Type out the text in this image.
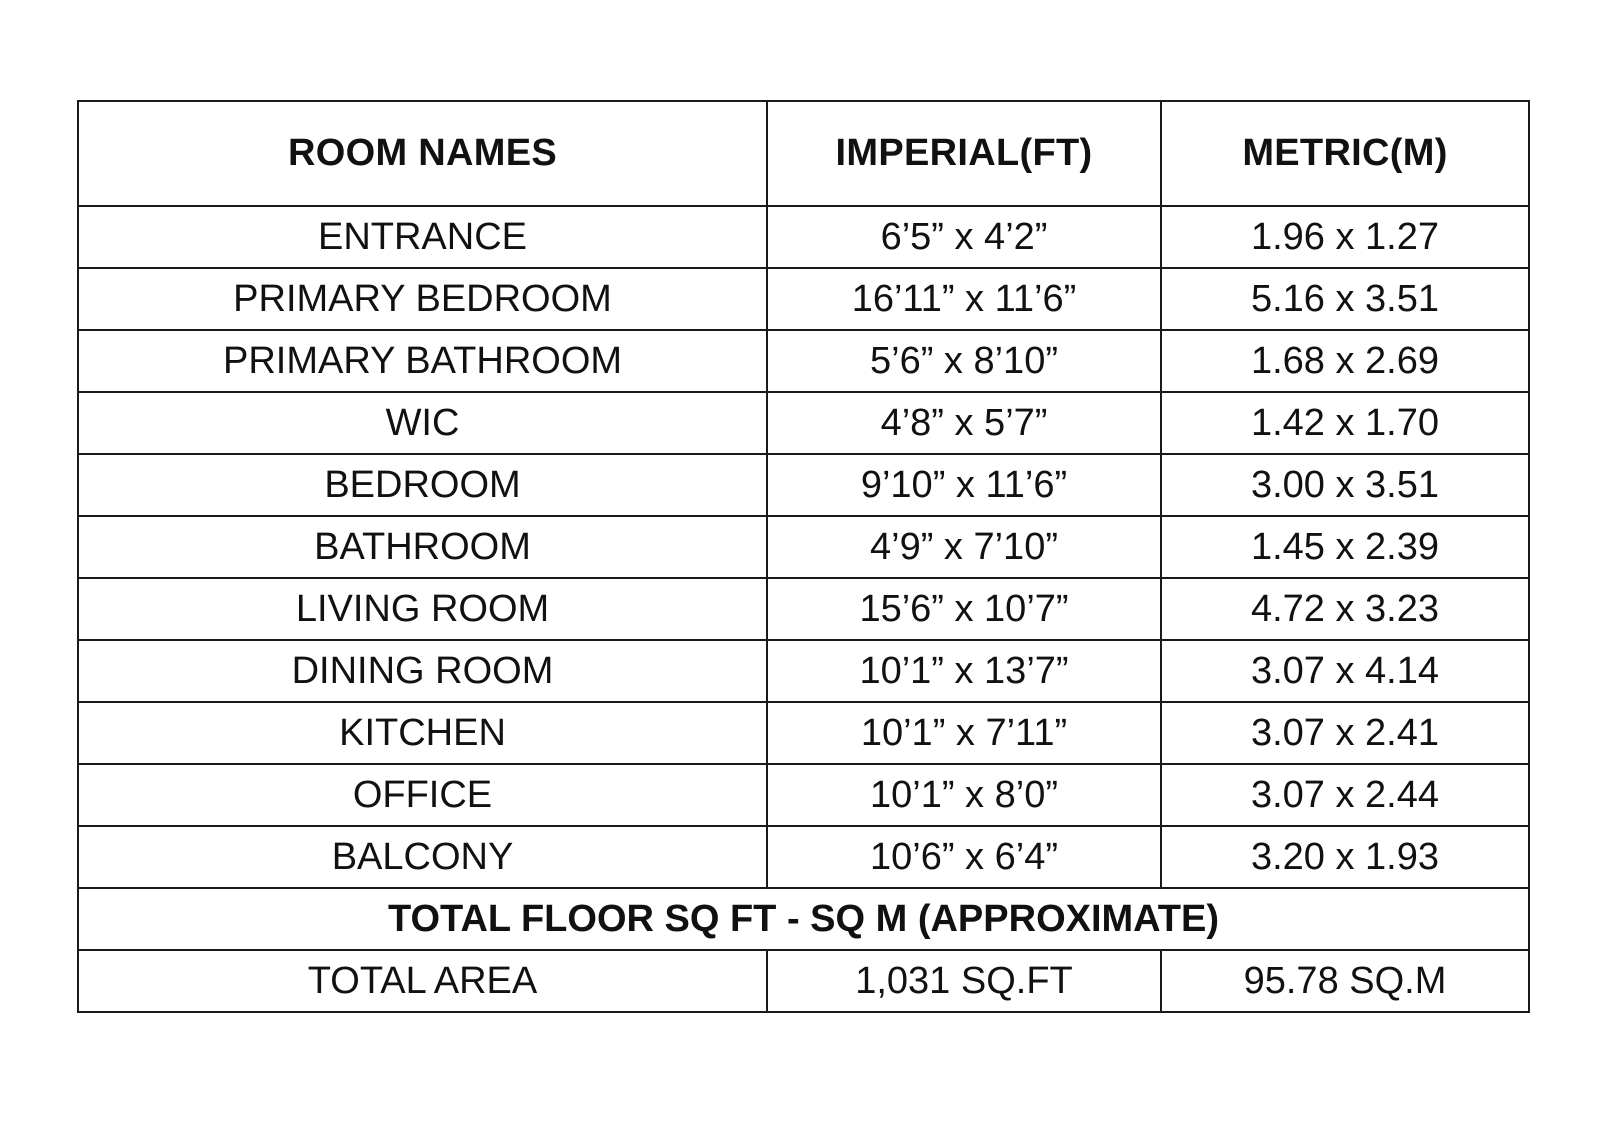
ROOM NAMES	IMPERIAL(FT)	METRIC(M)
ENTRANCE	6’5” x 4’2”	1.96 x 1.27
PRIMARY BEDROOM	16’11” x 11’6”	5.16 x 3.51
PRIMARY BATHROOM	5’6” x 8’10”	1.68 x 2.69
WIC	4’8” x 5’7”	1.42 x 1.70
BEDROOM	9’10” x 11’6”	3.00 x 3.51
BATHROOM	4’9” x 7’10”	1.45 x 2.39
LIVING ROOM	15’6” x 10’7”	4.72 x 3.23
DINING ROOM	10’1” x 13’7”	3.07 x 4.14
KITCHEN	10’1” x 7’11”	3.07 x 2.41
OFFICE	10’1” x 8’0”	3.07 x 2.44
BALCONY	10’6” x 6’4”	3.20 x 1.93
TOTAL FLOOR SQ FT - SQ M (APPROXIMATE)		
TOTAL AREA	1,031 SQ.FT	95.78 SQ.M
